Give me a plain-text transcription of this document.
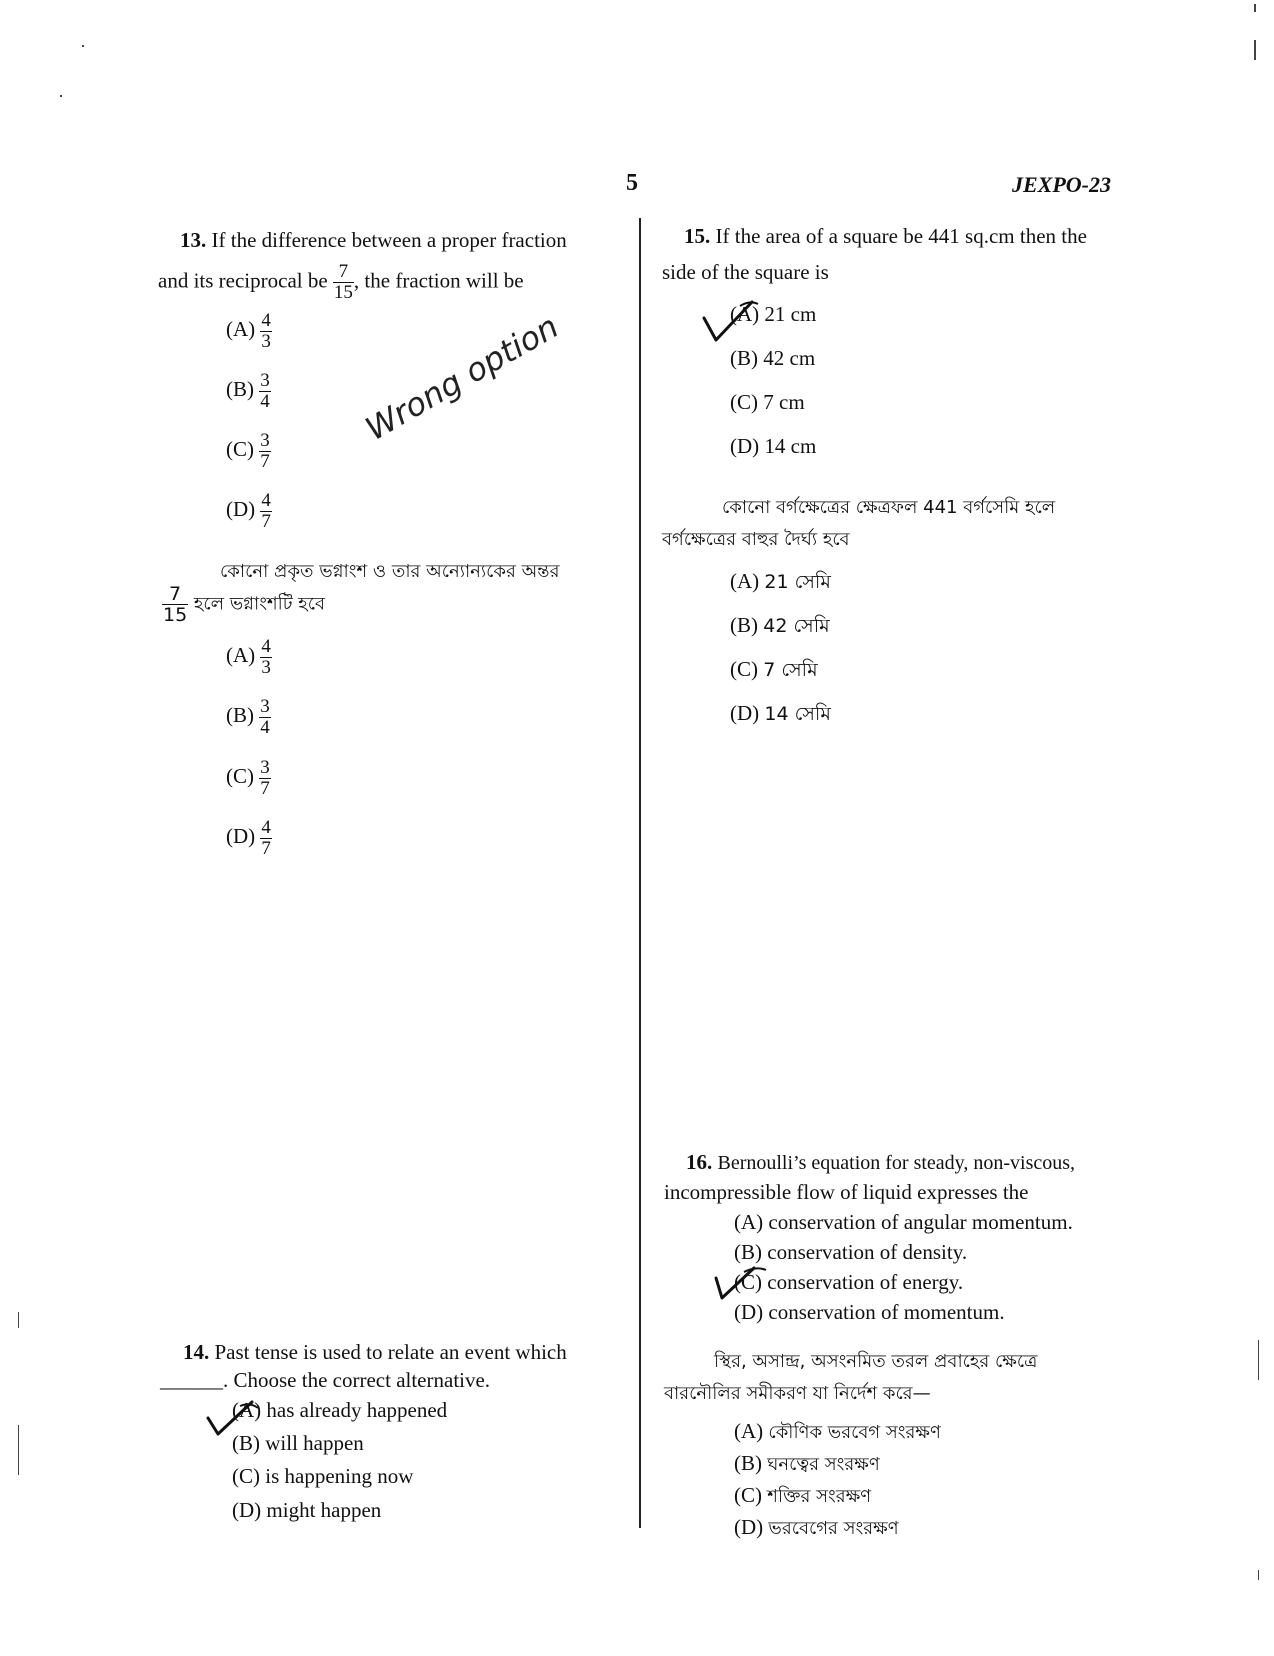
5	JEXPO-23
13. If the difference between a proper fraction
and its reciprocal be $\frac{7}{15}$ , the fraction will be
$(A) \frac{4}{3}$
$(B) \frac{3}{4}$
$(C) \frac{3}{7}$
$(D) \frac{4}{7}$
Wrong option
কোনো প্রকৃত ভগ্নাংশ ও তার অন্যোন্যকের অন্তর
$\frac{7}{15}$ হলে ভগ্নাংশটি হবে
$(A) \frac{4}{3}$
$(B) \frac{3}{4}$
$(C) \frac{3}{7}$
$(D) \frac{4}{7}$
14. Past tense is used to relate an event which
______. Choose the correct alternative.
(A) has already happened
(B) will happen
(C) is happening now
(D) might happen
15. If the area of a square be 441 sq.cm then the
side of the square is
(A) 21 cm
(B) 42 cm
(C) 7 cm
(D) 14 cm
কোনো বর্গক্ষেত্রের ক্ষেত্রফল 441 বর্গসেমি হলে
বর্গক্ষেত্রের বাহুর দৈর্ঘ্য হবে
(A) 21 সেমি
(B) 42 সেমি
(C) 7 সেমি
(D) 14 সেমি
16. Bernoulli’s equation for steady, non-viscous,
incompressible flow of liquid expresses the
(A) conservation of angular momentum.
(B) conservation of density.
(C) conservation of energy.
(D) conservation of momentum.
স্থির, অসান্দ্র, অসংনমিত তরল প্রবাহের ক্ষেত্রে
বারনৌলির সমীকরণ যা নির্দেশ করে—
(A) কৌণিক ভরবেগ সংরক্ষণ
(B) ঘনত্বের সংরক্ষণ
(C) শক্তির সংরক্ষণ
(D) ভরবেগের সংরক্ষণ
